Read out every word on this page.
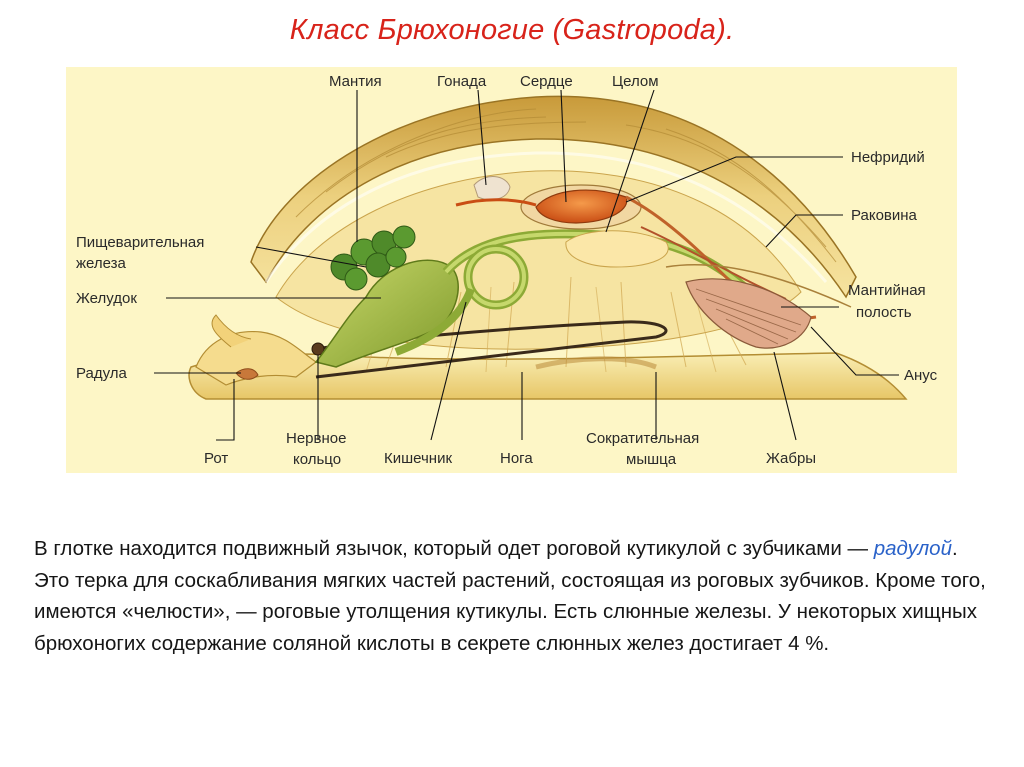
Класс Брюхоногие (Gastropoda).
Мантия	Гонада Сердце	Целом
Нефридий
Раковина
Пищеварительная
железа
Желудок	Мантийная
полость
Радула	Анус
Рот
Нервное
кольцо	Кишечник	Нога
Сократительная
мышца	Жабры
В глотке находится подвижный язычок, который одет роговой кутикулой с зубчиками — радулой. Это терка для соскабливания мягких частей растений, состоящая из роговых зубчиков. Кроме того, имеются «челюсти», — роговые утолщения кутикулы. Есть слюнные железы. У некоторых хищных брюхоногих содержание соляной кислоты в секрете слюнных желез достигает 4 %.
